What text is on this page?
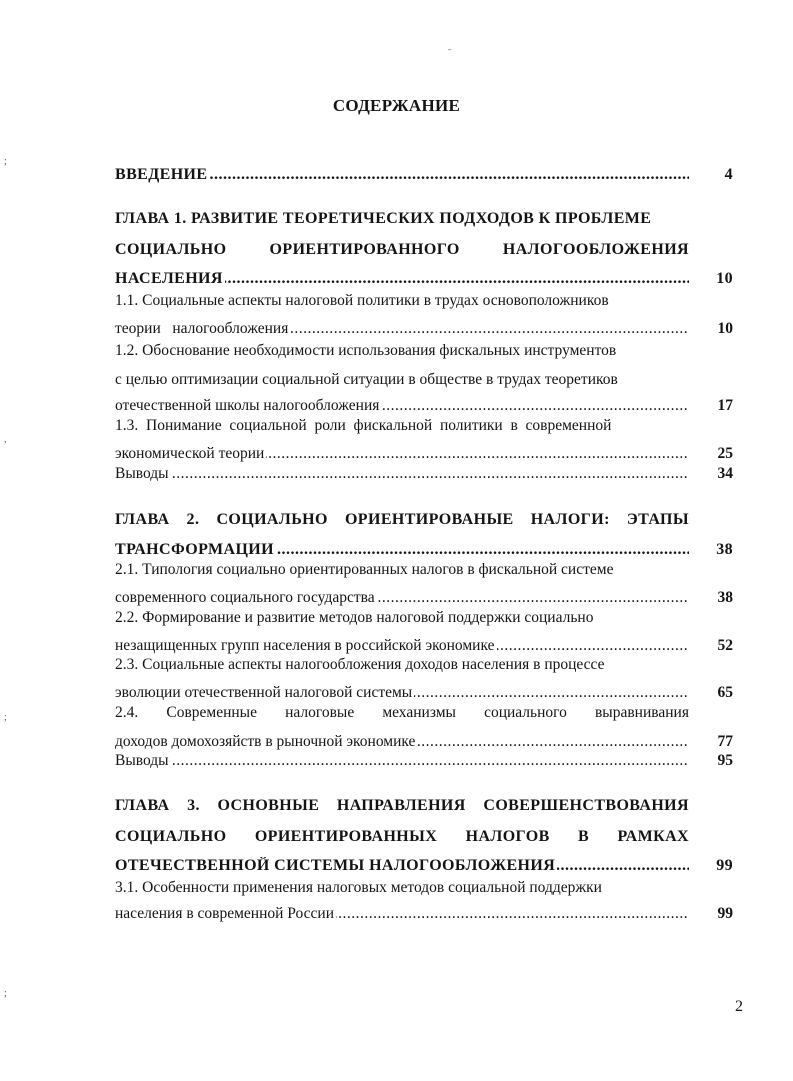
˗
;
,
;
;
СОДЕРЖАНИЕ
ВВЕДЕНИЕ .....	4
ГЛАВА 1. РАЗВИТИЕ ТЕОРЕТИЧЕСКИХ ПОДХОДОВ К ПРОБЛЕМЕ
СОЦИАЛЬНО	ОРИЕНТИРОВАННОГО	НАЛОГООБЛОЖЕНИЯ
НАСЕЛЕНИЯ .....	10
1.1. Социальные аспекты налоговой политики в трудах основоположников
теории   налогообложения .....	10
1.2. Обоснование необходимости использования фискальных инструментов
с целью оптимизации социальной ситуации в обществе в трудах теоретиков
отечественной школы налогообложения .....	17
1.3.  Понимание  социальной  роли  фискальной  политики  в  современной
экономической теории .....	25
Выводы .....	34
ГЛАВА 2. СОЦИАЛЬНО ОРИЕНТИРОВАНЫЕ НАЛОГИ: ЭТАПЫ
ТРАНСФОРМАЦИИ .....	38
2.1. Типология социально ориентированных налогов в фискальной системе
современного социального государства .....	38
2.2. Формирование и развитие методов налоговой поддержки социально
незащищенных групп населения в российской экономике .....	52
2.3. Социальные аспекты налогообложения доходов населения в процессе
эволюции отечественной налоговой системы .....	65
2.4. Современные налоговые механизмы социального выравнивания
доходов домохозяйств в рыночной экономике .....	77
Выводы .....	95
ГЛАВА 3. ОСНОВНЫЕ НАПРАВЛЕНИЯ СОВЕРШЕНСТВОВАНИЯ
СОЦИАЛЬНО ОРИЕНТИРОВАННЫХ НАЛОГОВ В РАМКАХ
ОТЕЧЕСТВЕННОЙ СИСТЕМЫ НАЛОГООБЛОЖЕНИЯ .....	99
3.1. Особенности применения налоговых методов социальной поддержки
населения в современной России .....	99
2
